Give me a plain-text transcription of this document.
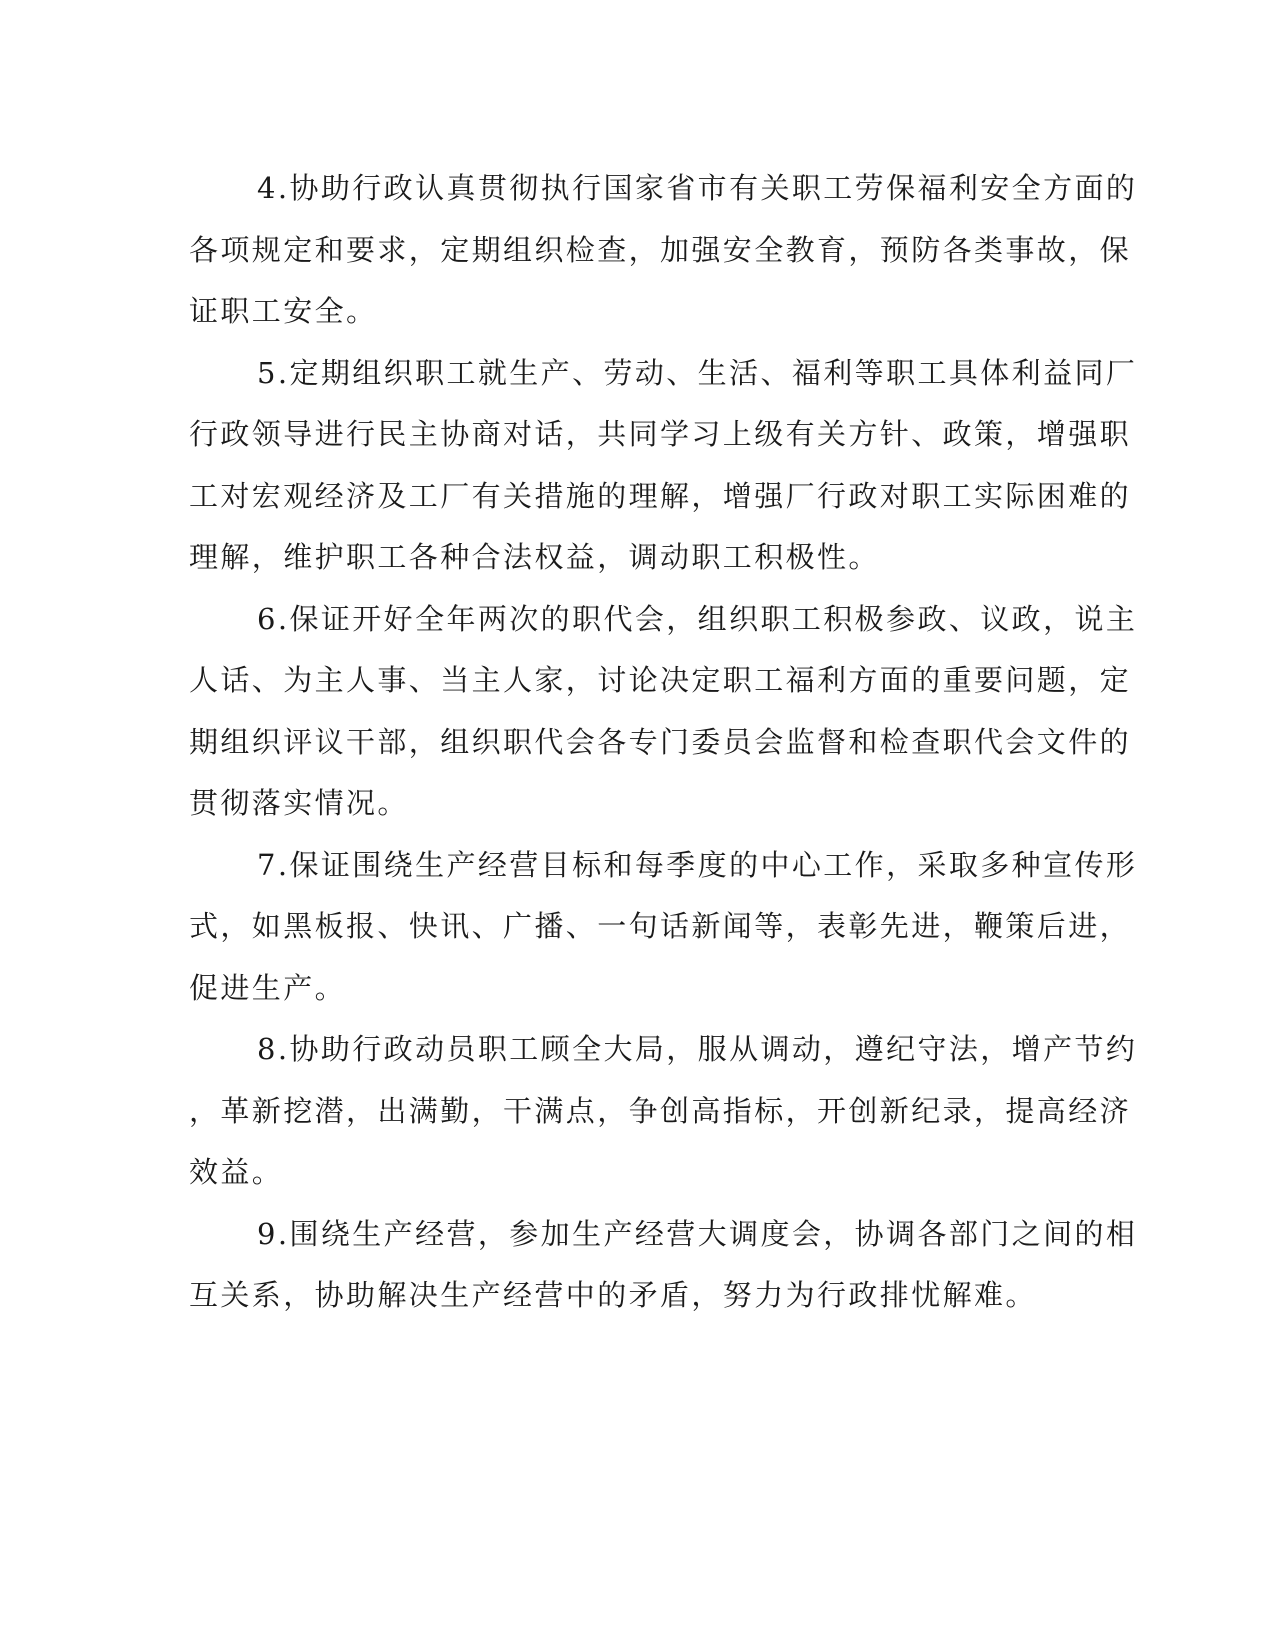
4.协助行政认真贯彻执行国家省市有关职工劳保福利安全方面的
各项规定和要求，定期组织检查，加强安全教育，预防各类事故，保
证职工安全。
5.定期组织职工就生产、劳动、生活、福利等职工具体利益同厂
行政领导进行民主协商对话，共同学习上级有关方针、政策，增强职
工对宏观经济及工厂有关措施的理解，增强厂行政对职工实际困难的
理解，维护职工各种合法权益，调动职工积极性。
6.保证开好全年两次的职代会，组织职工积极参政、议政，说主
人话、为主人事、当主人家，讨论决定职工福利方面的重要问题，定
期组织评议干部，组织职代会各专门委员会监督和检查职代会文件的
贯彻落实情况。
7.保证围绕生产经营目标和每季度的中心工作，采取多种宣传形
式，如黑板报、快讯、广播、一句话新闻等，表彰先进，鞭策后进，
促进生产。
8.协助行政动员职工顾全大局，服从调动，遵纪守法，增产节约
，革新挖潜，出满勤，干满点，争创高指标，开创新纪录，提高经济
效益。
9.围绕生产经营，参加生产经营大调度会，协调各部门之间的相
互关系，协助解决生产经营中的矛盾，努力为行政排忧解难。
